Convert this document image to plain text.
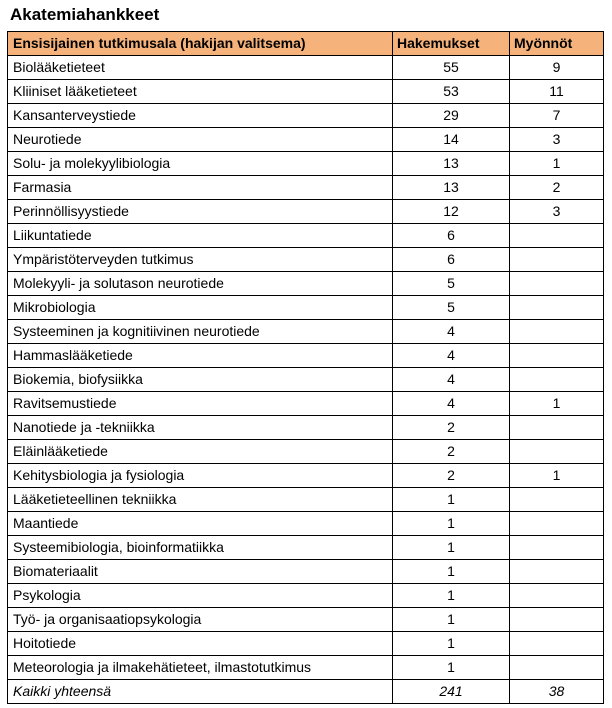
Akatemiahankkeet
Ensisijainen tutkimusala (hakijan valitsema)	Hakemukset	Myönnöt
Biolääketieteet	55	9
Kliiniset lääketieteet	53	11
Kansanterveystiede	29	7
Neurotiede	14	3
Solu- ja molekyylibiologia	13	1
Farmasia	13	2
Perinnöllisyystiede	12	3
Liikuntatiede	6	
Ympäristöterveyden tutkimus	6	
Molekyyli- ja solutason neurotiede	5	
Mikrobiologia	5	
Systeeminen ja kognitiivinen neurotiede	4	
Hammaslääketiede	4	
Biokemia, biofysiikka	4	
Ravitsemustiede	4	1
Nanotiede ja -tekniikka	2	
Eläinlääketiede	2	
Kehitysbiologia ja fysiologia	2	1
Lääketieteellinen tekniikka	1	
Maantiede	1	
Systeemibiologia, bioinformatiikka	1	
Biomateriaalit	1	
Psykologia	1	
Työ- ja organisaatiopsykologia	1	
Hoitotiede	1	
Meteorologia ja ilmakehätieteet, ilmastotutkimus	1	
Kaikki yhteensä	241	38
